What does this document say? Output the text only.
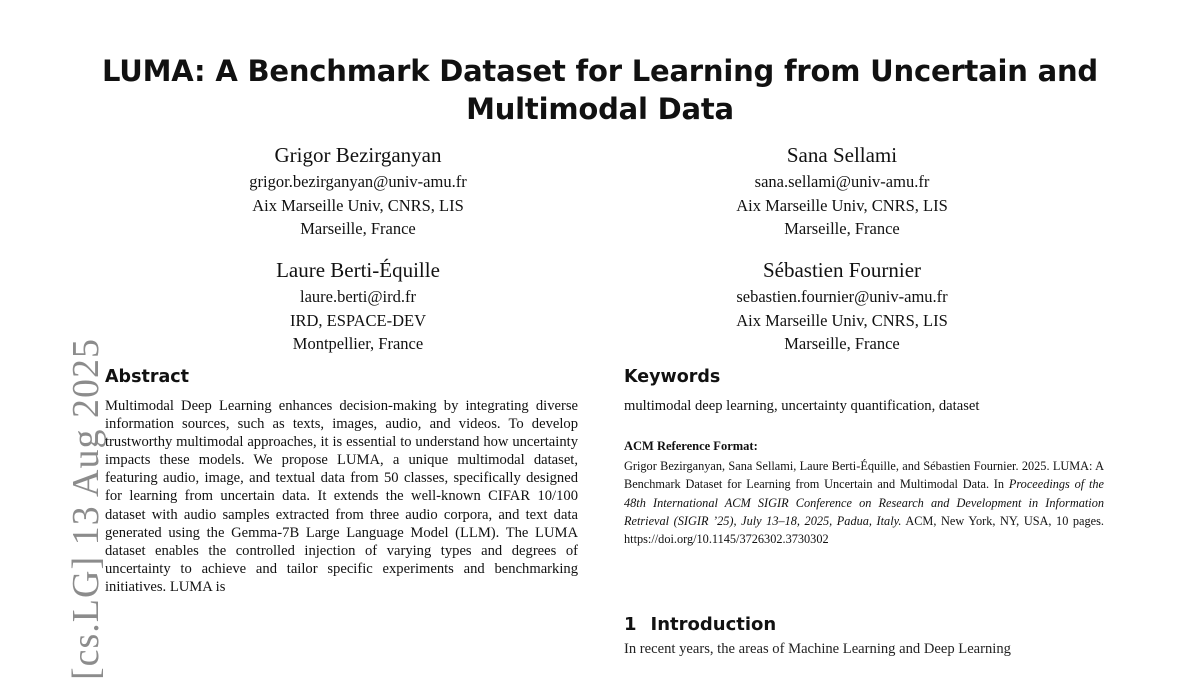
LUMA: A Benchmark Dataset for Learning from Uncertain and
Multimodal Data
Grigor Bezirganyan
grigor.bezirganyan@univ-amu.fr
Aix Marseille Univ, CNRS, LIS
Marseille, France
Sana Sellami
sana.sellami@univ-amu.fr
Aix Marseille Univ, CNRS, LIS
Marseille, France
Laure Berti-Équille
laure.berti@ird.fr
IRD, ESPACE-DEV
Montpellier, France
Sébastien Fournier
sebastien.fournier@univ-amu.fr
Aix Marseille Univ, CNRS, LIS
Marseille, France
[cs.LG] 13 Aug 2025
Abstract
Multimodal Deep Learning enhances decision-making by integrating diverse information sources, such as texts, images, audio, and videos. To develop trustworthy multimodal approaches, it is essential to understand how uncertainty impacts these models. We propose LUMA, a unique multimodal dataset, featuring audio, image, and textual data from 50 classes, specifically designed for learning from uncertain data. It extends the well-known CIFAR 10/100 dataset with audio samples extracted from three audio corpora, and text data generated using the Gemma-7B Large Language Model (LLM). The LUMA dataset enables the controlled injection of varying types and degrees of uncertainty to achieve and tailor specific experiments and benchmarking initiatives. LUMA is
Keywords
multimodal deep learning, uncertainty quantification, dataset
ACM Reference Format:
Grigor Bezirganyan, Sana Sellami, Laure Berti-Équille, and Sébastien Fournier. 2025. LUMA: A Benchmark Dataset for Learning from Uncertain and Multimodal Data. In Proceedings of the 48th International ACM SIGIR Conference on Research and Development in Information Retrieval (SIGIR ’25), July 13–18, 2025, Padua, Italy. ACM, New York, NY, USA, 10 pages. https://doi.org/10.1145/3726302.3730302
1 Introduction
In recent years, the areas of Machine Learning and Deep Learning
